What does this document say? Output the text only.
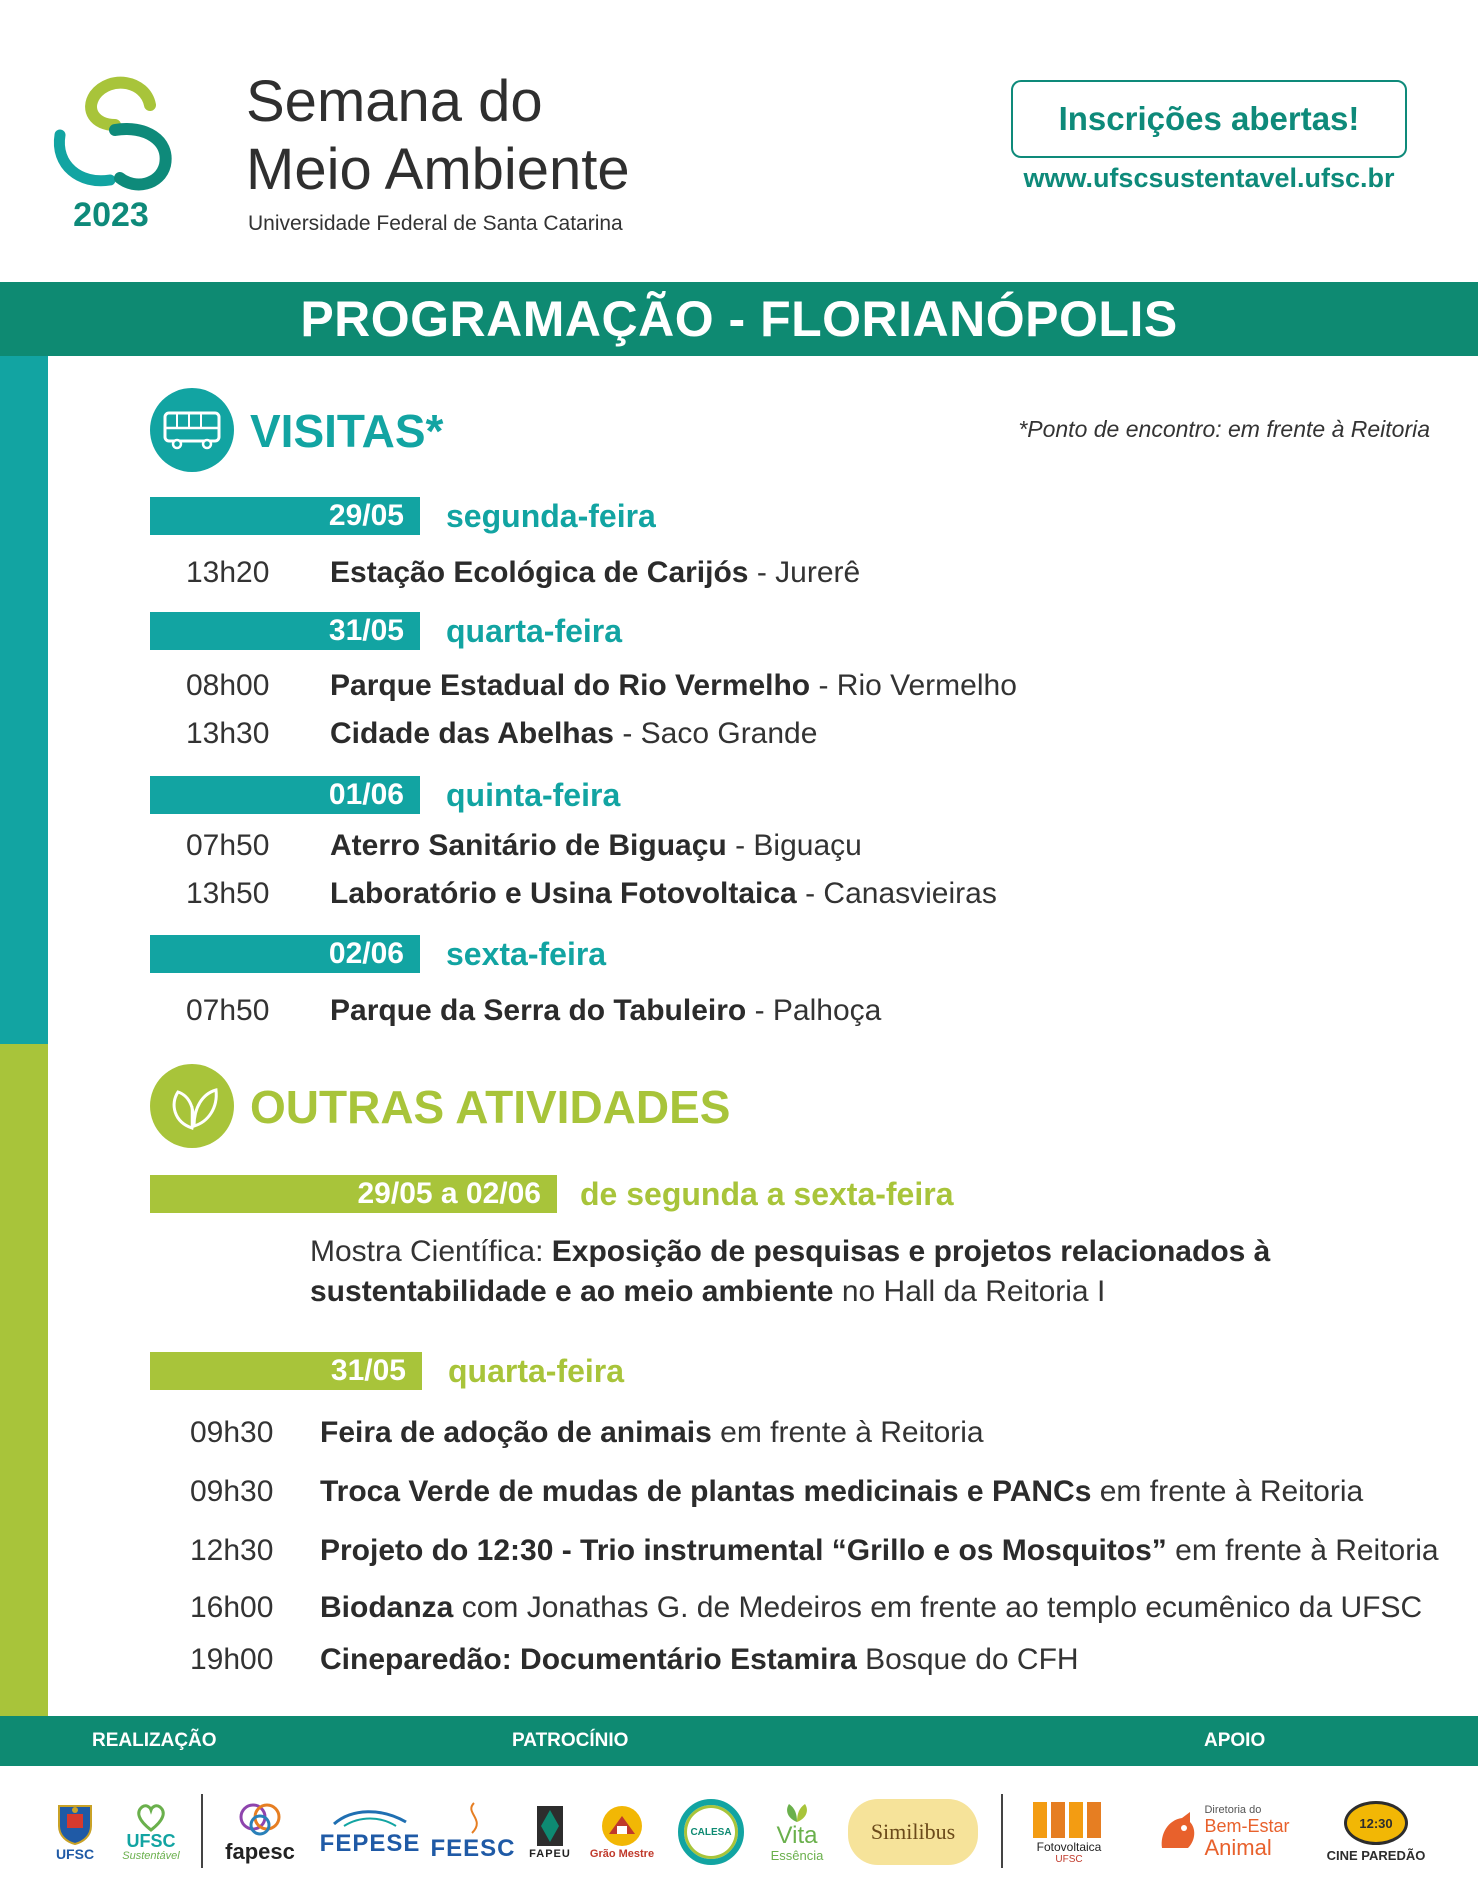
2023
Semana do
Meio Ambiente
Universidade Federal de Santa Catarina
Inscrições abertas!
www.ufscsustentavel.ufsc.br
PROGRAMAÇÃO - FLORIANÓPOLIS
VISITAS*	*Ponto de encontro: em frente à Reitoria
29/05	segunda-feira
13h20 Estação Ecológica de Carijós - Jurerê
31/05	quarta-feira
08h00 Parque Estadual do Rio Vermelho - Rio Vermelho
13h30 Cidade das Abelhas - Saco Grande
01/06	quinta-feira
07h50 Aterro Sanitário de Biguaçu - Biguaçu
13h50 Laboratório e Usina Fotovoltaica - Canasvieiras
02/06	sexta-feira
07h50 Parque da Serra do Tabuleiro - Palhoça
OUTRAS ATIVIDADES
29/05 a 02/06	de segunda a sexta-feira
Mostra Científica: Exposição de pesquisas e projetos relacionados à sustentabilidade e ao meio ambiente no Hall da Reitoria I
31/05	quarta-feira
09h30 Feira de adoção de animais em frente à Reitoria
09h30 Troca Verde de mudas de plantas medicinais e PANCs em frente à Reitoria
12h30 Projeto do 12:30 - Trio instrumental “Grillo e os Mosquitos” em frente à Reitoria
16h00 Biodanza com Jonathas G. de Medeiros em frente ao templo ecumênico da UFSC
19h00 Cineparedão: Documentário Estamira Bosque do CFH
REALIZAÇÃO	PATROCÍNIO	APOIO
UFSC
UFSC
Sustentável fapesc FEPESE FEESC FAPEU Grão Mestre
CALESA Vita
Essência
Similibus
Fotovoltaica
UFSC
Diretoria do
Bem-Estar
Animal
12:30
CINE PAREDÃO
